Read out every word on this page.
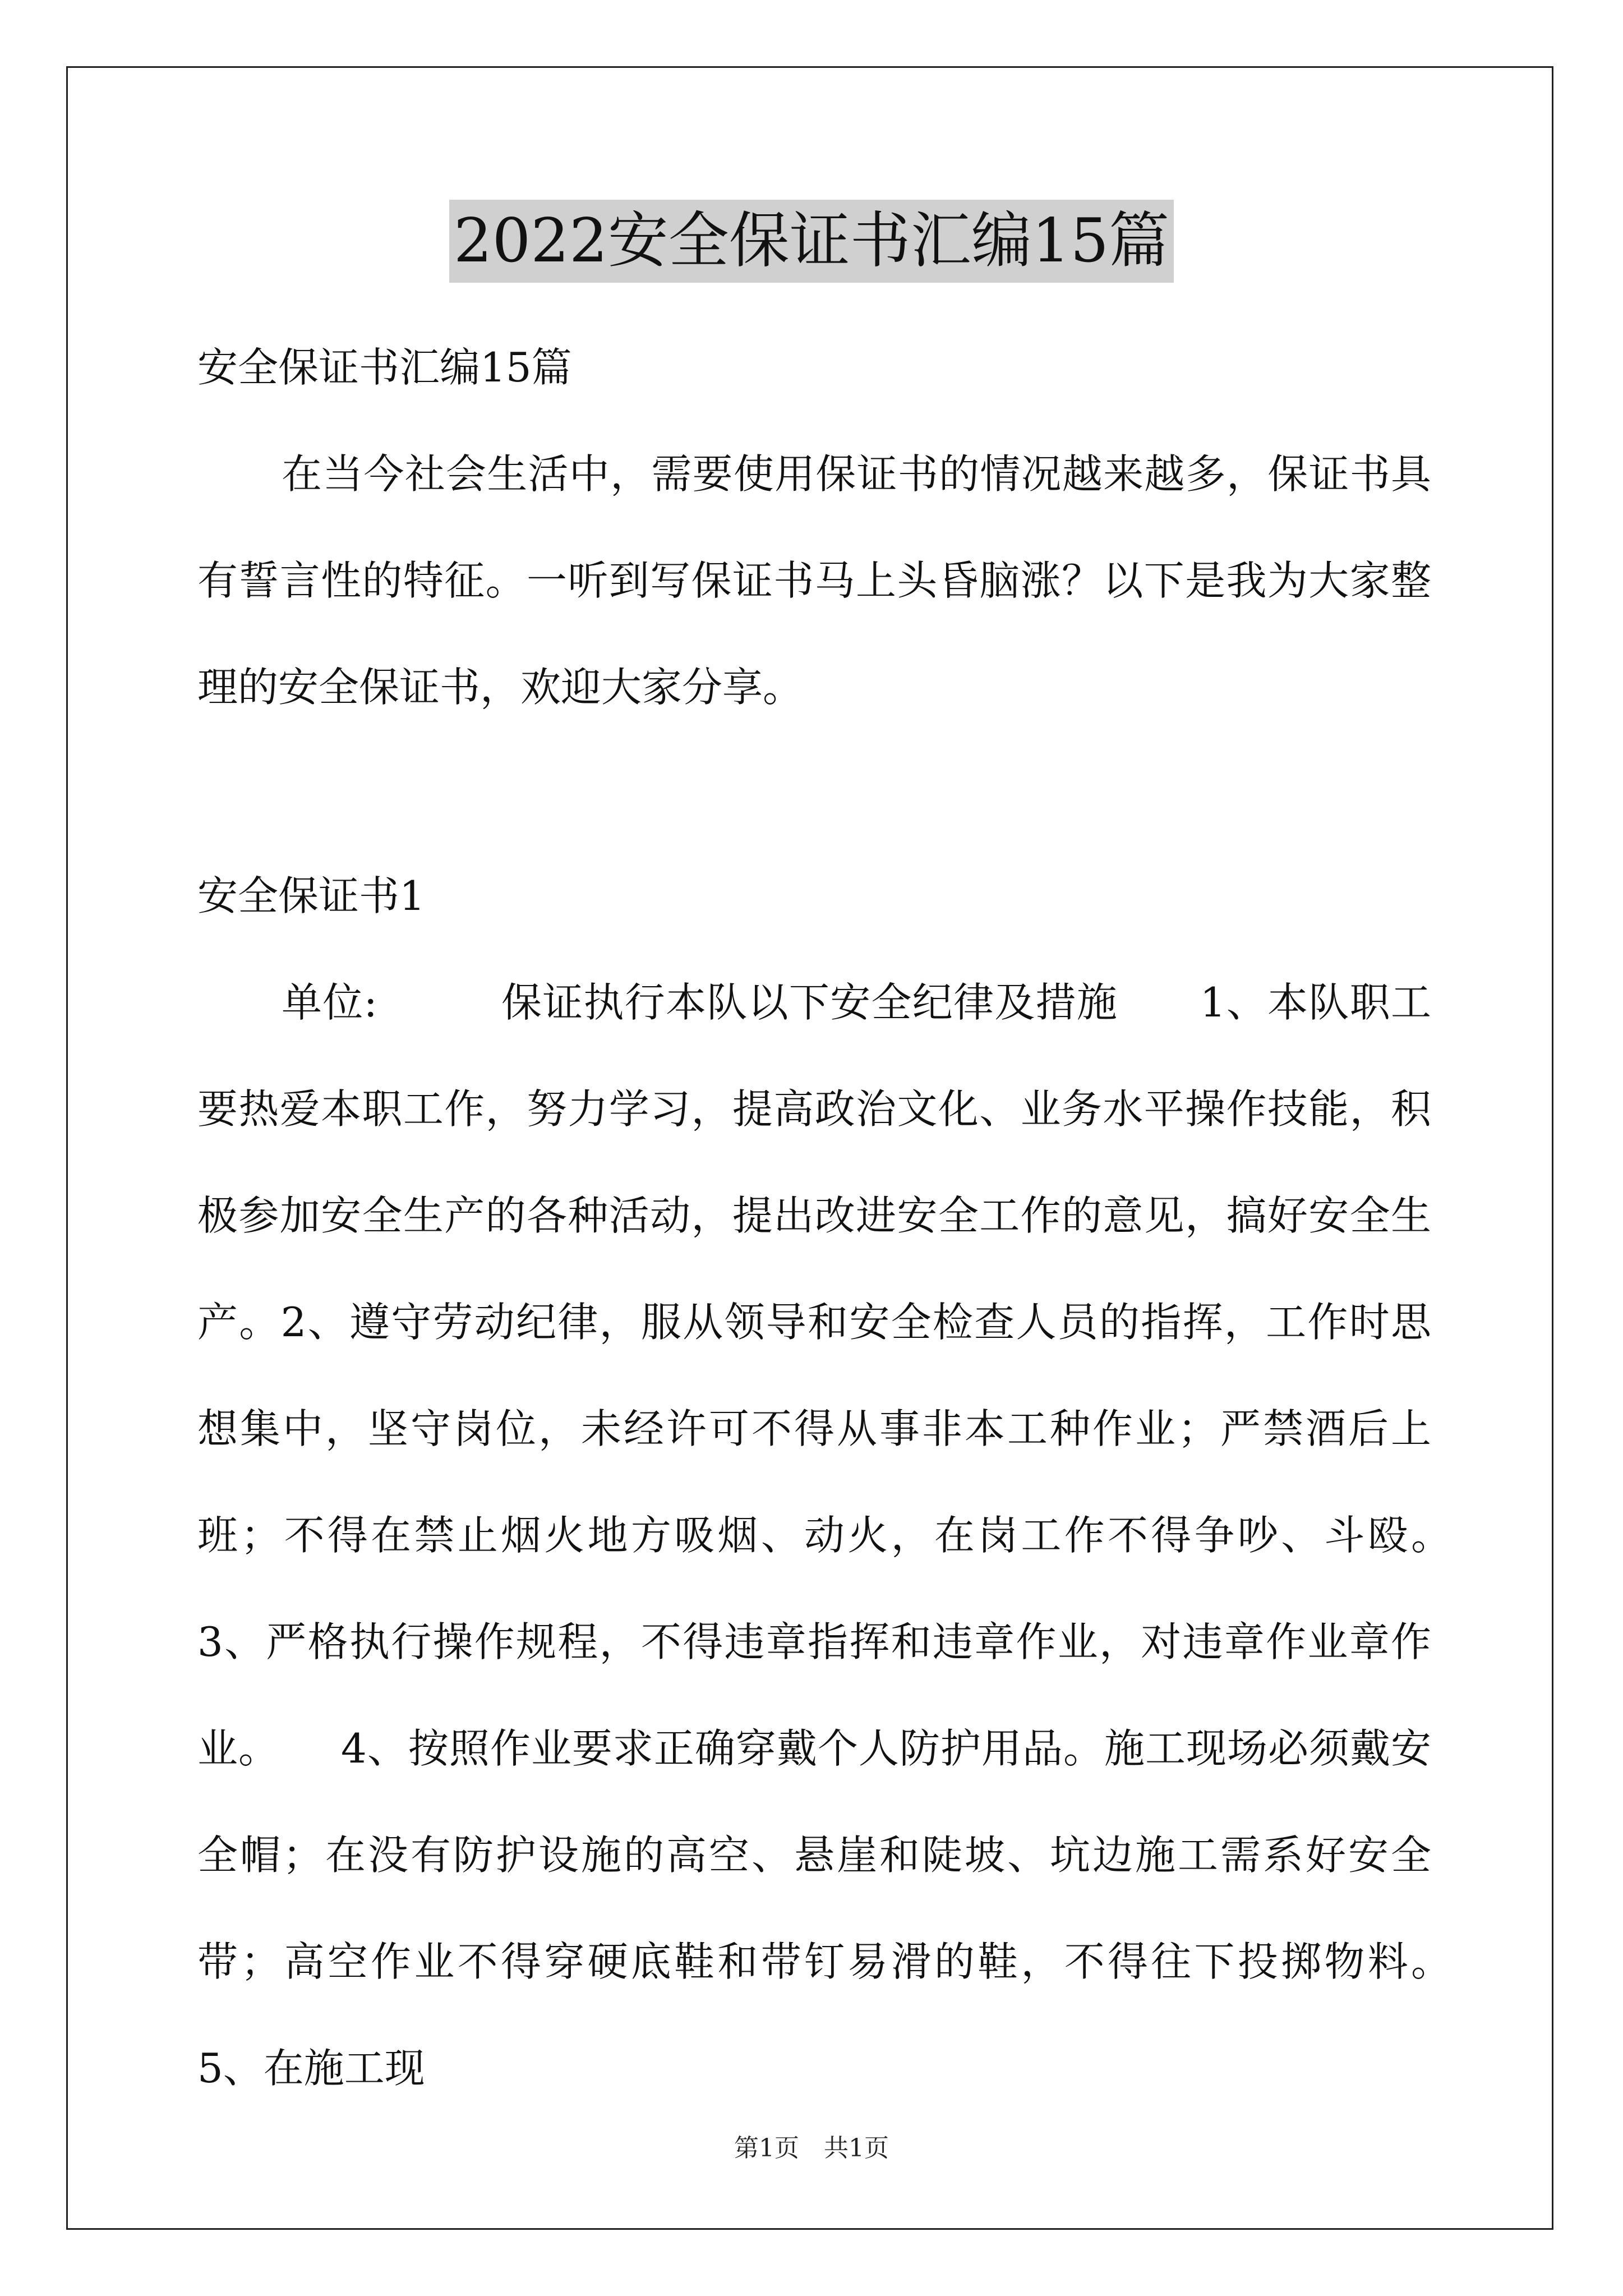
2022安全保证书汇编15篇

安全保证书汇编15篇

在当今社会生活中，需要使用保证书的情况越来越多，保证书具有誓言性的特征。一听到写保证书马上头昏脑涨？以下是我为大家整理的安全保证书，欢迎大家分享。

安全保证书1

单位:　　　保证执行本队以下安全纪律及措施　　1、本队职工要热爱本职工作，努力学习，提高政治文化、业务水平操作技能，积极参加安全生产的各种活动，提出改进安全工作的意见，搞好安全生产。2、遵守劳动纪律，服从领导和安全检查人员的指挥，工作时思想集中，坚守岗位，未经许可不得从事非本工种作业；严禁酒后上班；不得在禁止烟火地方吸烟、动火，在岗工作不得争吵、斗殴。　　3、严格执行操作规程，不得违章指挥和违章作业，对违章作业章作业。　　4、按照作业要求正确穿戴个人防护用品。施工现场必须戴安全帽；在没有防护设施的高空、悬崖和陡坡、坑边施工需系好安全带；高空作业不得穿硬底鞋和带钉易滑的鞋，不得往下投掷物料。　　5、在施工现

第1页　共1页
